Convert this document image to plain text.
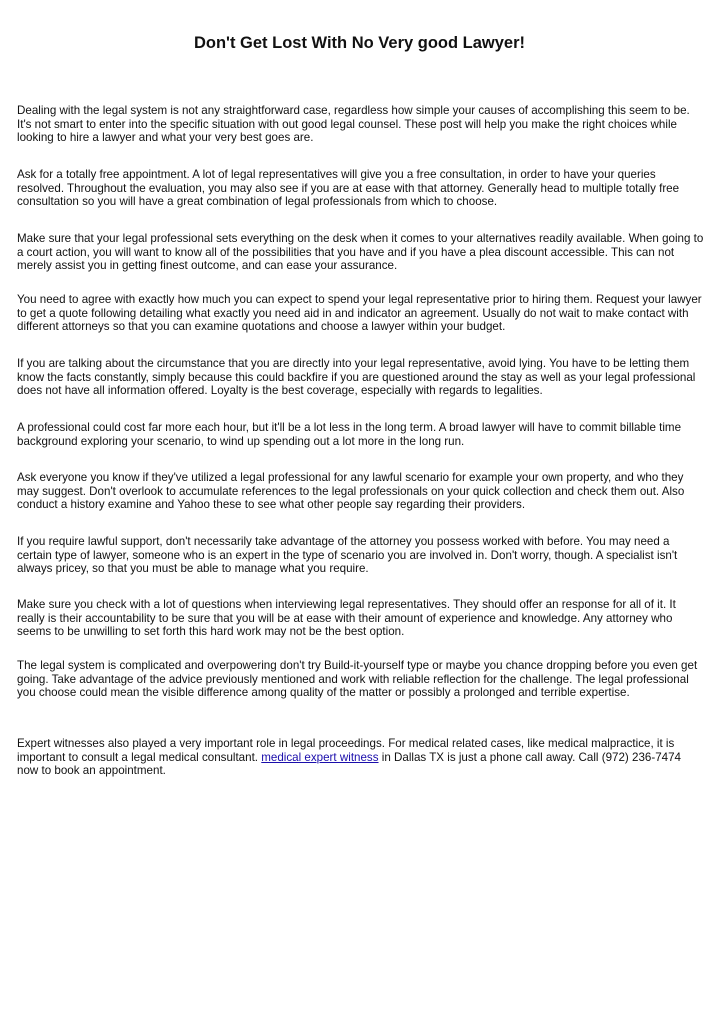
Don't Get Lost With No Very good Lawyer!

Dealing with the legal system is not any straightforward case, regardless how simple your causes of accomplishing this seem to be. It's not smart to enter into the specific situation with out good legal counsel. These post will help you make the right choices while looking to hire a lawyer and what your very best goes are.

Ask for a totally free appointment. A lot of legal representatives will give you a free consultation, in order to have your queries resolved. Throughout the evaluation, you may also see if you are at ease with that attorney. Generally head to multiple totally free consultation so you will have a great combination of legal professionals from which to choose.

Make sure that your legal professional sets everything on the desk when it comes to your alternatives readily available. When going to a court action, you will want to know all of the possibilities that you have and if you have a plea discount accessible. This can not merely assist you in getting finest outcome, and can ease your assurance.

You need to agree with exactly how much you can expect to spend your legal representative prior to hiring them. Request your lawyer to get a quote following detailing what exactly you need aid in and indicator an agreement. Usually do not wait to make contact with different attorneys so that you can examine quotations and choose a lawyer within your budget.

If you are talking about the circumstance that you are directly into your legal representative, avoid lying. You have to be letting them know the facts constantly, simply because this could backfire if you are questioned around the stay as well as your legal professional does not have all information offered. Loyalty is the best coverage, especially with regards to legalities.

A professional could cost far more each hour, but it'll be a lot less in the long term. A broad lawyer will have to commit billable time background exploring your scenario, to wind up spending out a lot more in the long run.

Ask everyone you know if they've utilized a legal professional for any lawful scenario for example your own property, and who they may suggest. Don't overlook to accumulate references to the legal professionals on your quick collection and check them out. Also conduct a history examine and Yahoo these to see what other people say regarding their providers.

If you require lawful support, don't necessarily take advantage of the attorney you possess worked with before. You may need a certain type of lawyer, someone who is an expert in the type of scenario you are involved in. Don't worry, though. A specialist isn't always pricey, so that you must be able to manage what you require.

Make sure you check with a lot of questions when interviewing legal representatives. They should offer an response for all of it. It really is their accountability to be sure that you will be at ease with their amount of experience and knowledge. Any attorney who seems to be unwilling to set forth this hard work may not be the best option.

The legal system is complicated and overpowering don't try Build-it-yourself type or maybe you chance dropping before you even get going. Take advantage of the advice previously mentioned and work with reliable reflection for the challenge. The legal professional you choose could mean the visible difference among quality of the matter or possibly a prolonged and terrible expertise.

Expert witnesses also played a very important role in legal proceedings. For medical related cases, like medical malpractice, it is important to consult a legal medical consultant. medical expert witness in Dallas TX is just a phone call away. Call (972) 236-7474 now to book an appointment.
